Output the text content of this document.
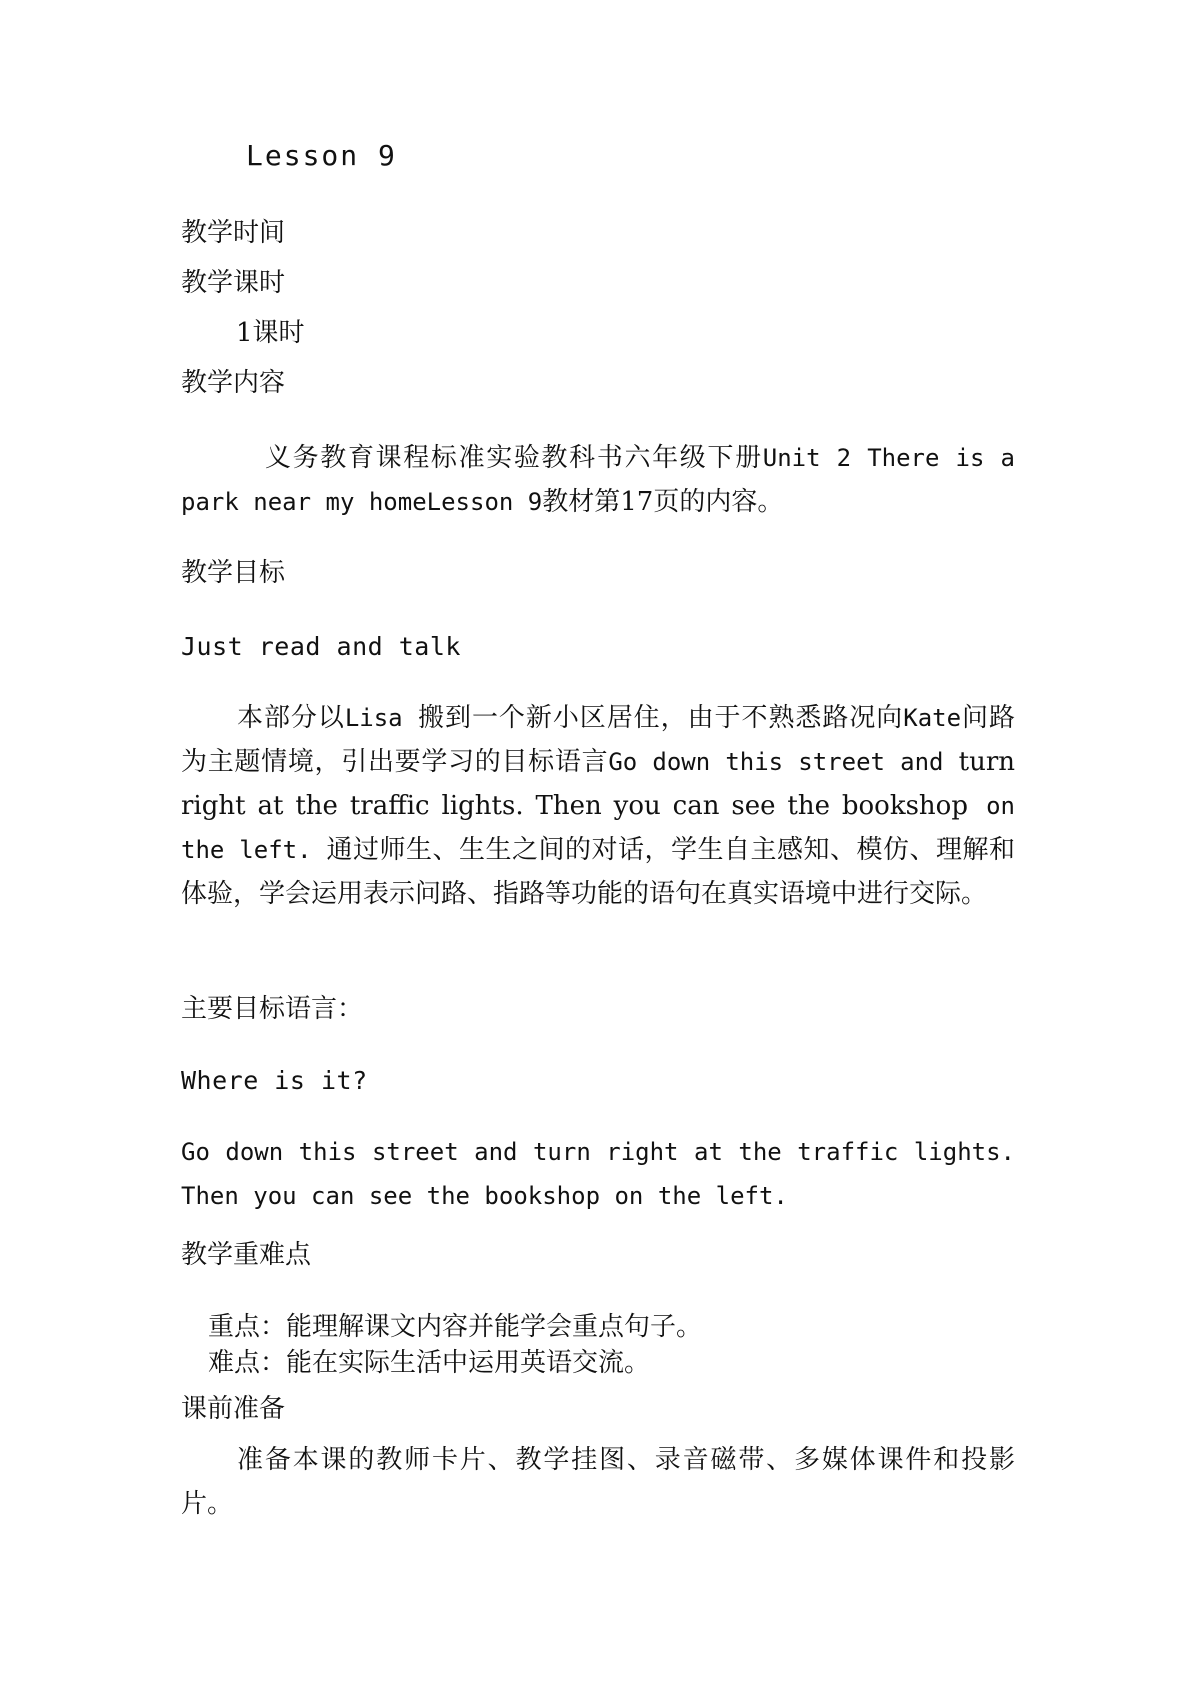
Lesson 9
教学时间
教学课时
1课时
教学内容
义务教育课程标准实验教科书六年级下册Unit 2 There is a park near my homeLesson 9教材第17页的内容。
教学目标
Just read and talk
本部分以Lisa 搬到一个新小区居住，由于不熟悉路况向Kate问路为主题情境，引出要学习的目标语言Go down this street and turn right at the traffic lights. Then you can see the bookshop on the left. 通过师生、生生之间的对话，学生自主感知、模仿、理解和体验，学会运用表示问路、指路等功能的语句在真实语境中进行交际。
主要目标语言：
Where is it?
Go down this street and turn right at the traffic lights. Then you can see the bookshop on the left.
教学重难点
重点：能理解课文内容并能学会重点句子。
难点：能在实际生活中运用英语交流。
课前准备
准备本课的教师卡片、教学挂图、录音磁带、多媒体课件和投影片。
